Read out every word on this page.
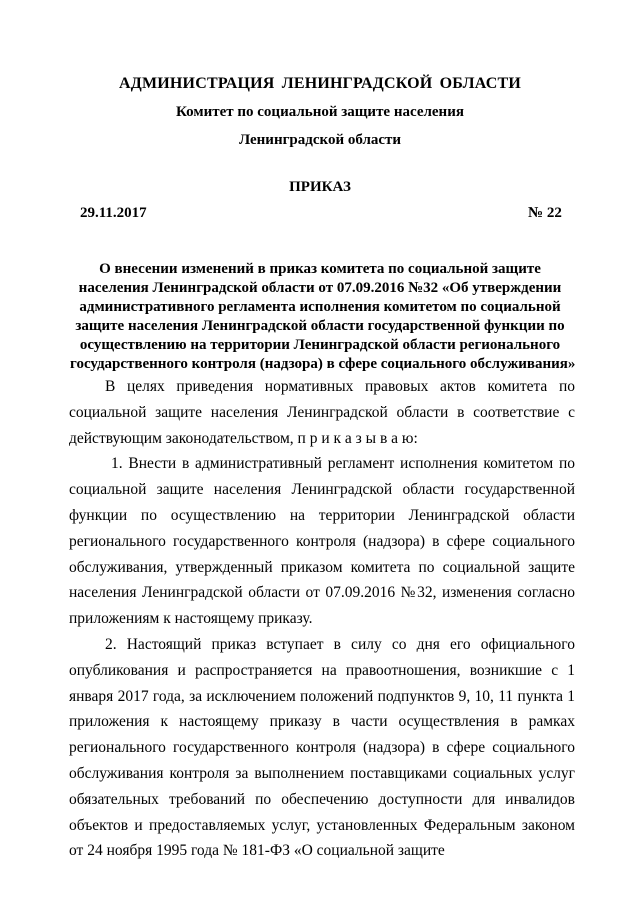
АДМИНИСТРАЦИЯ ЛЕНИНГРАДСКОЙ ОБЛАСТИ
Комитет по социальной защите населения
Ленинградской области
ПРИКАЗ
29.11.2017	№ 22
О внесении изменений в приказ комитета по социальной защите
населения Ленинградской области от 07.09.2016 №32 «Об утверждении
административного регламента исполнения комитетом по социальной
защите населения Ленинградской области государственной функции по
осуществлению на территории Ленинградской области регионального
государственного контроля (надзора) в сфере социального обслуживания»

В целях приведения нормативных правовых актов комитета по социальной защите населения Ленинградской области в соответствие с действующим законодательством, п р и к а з ы в а ю:

1. Внести в административный регламент исполнения комитетом по социальной защите населения Ленинградской области государственной функции по осуществлению на территории Ленинградской области регионального государственного контроля (надзора) в сфере социального обслуживания, утвержденный приказом комитета по социальной защите населения Ленинградской области от 07.09.2016 №32, изменения согласно приложениям к настоящему приказу.

2. Настоящий приказ вступает в силу со дня его официального опубликования и распространяется на правоотношения, возникшие с 1 января 2017 года, за исключением положений подпунктов 9, 10, 11 пункта 1 приложения к настоящему приказу в части осуществления в рамках регионального государственного контроля (надзора) в сфере социального обслуживания контроля за выполнением поставщиками социальных услуг обязательных требований по обеспечению доступности для инвалидов объектов и предоставляемых услуг, установленных Федеральным законом от 24 ноября 1995 года № 181-ФЗ «О социальной защите
